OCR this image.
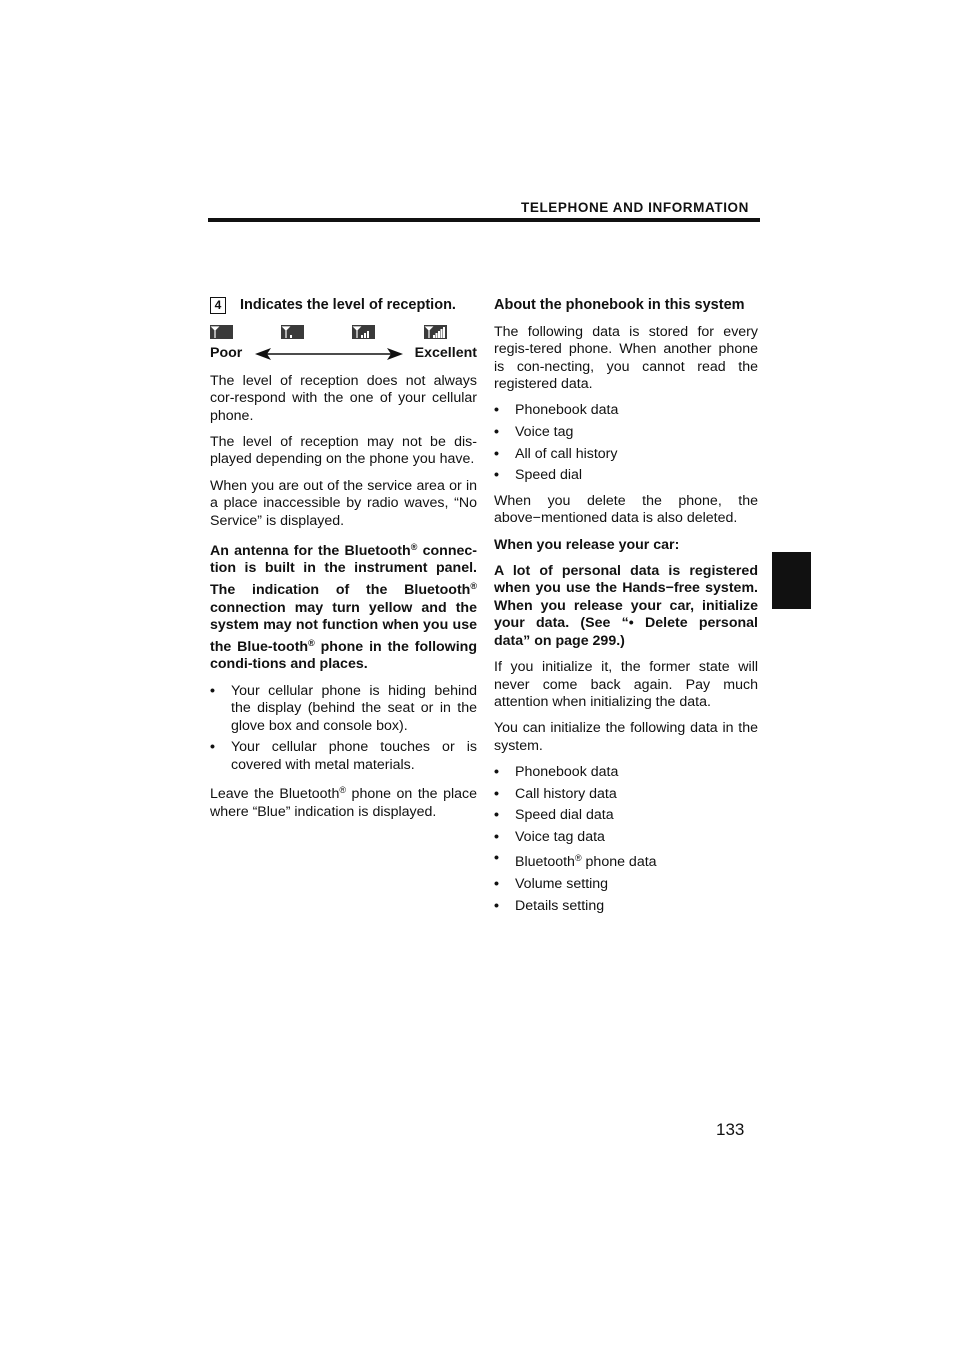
TELEPHONE AND INFORMATION
4	Indicates the level of reception.
Poor	Excellent

The level of reception does not always cor-respond with the one of your cellular phone.

The level of reception may not be dis-played depending on the phone you have.

When you are out of the service area or in a place inaccessible by radio waves, “No Service” is displayed.

An antenna for the Bluetooth® connec-tion is built in the instrument panel. The indication of the Bluetooth® connection may turn yellow and the system may not function when you use the Blue-tooth® phone in the following condi-tions and places.

• Your cellular phone is hiding behind the display (behind the seat or in the glove box and console box).
• Your cellular phone touches or is covered with metal materials.

Leave the Bluetooth® phone on the place where “Blue” indication is displayed.

About the phonebook in this system

The following data is stored for every regis-tered phone. When another phone is con-necting, you cannot read the registered data.

• Phonebook data
• Voice tag
• All of call history
• Speed dial

When you delete the phone, the above−mentioned data is also deleted.

When you release your car:

A lot of personal data is registered when you use the Hands−free system. When you release your car, initialize your data. (See “• Delete personal data” on page 299.)

If you initialize it, the former state will never come back again. Pay much attention when initializing the data.

You can initialize the following data in the system.

• Phonebook data
• Call history data
• Speed dial data
• Voice tag data
• Bluetooth® phone data
• Volume setting
• Details setting
133
